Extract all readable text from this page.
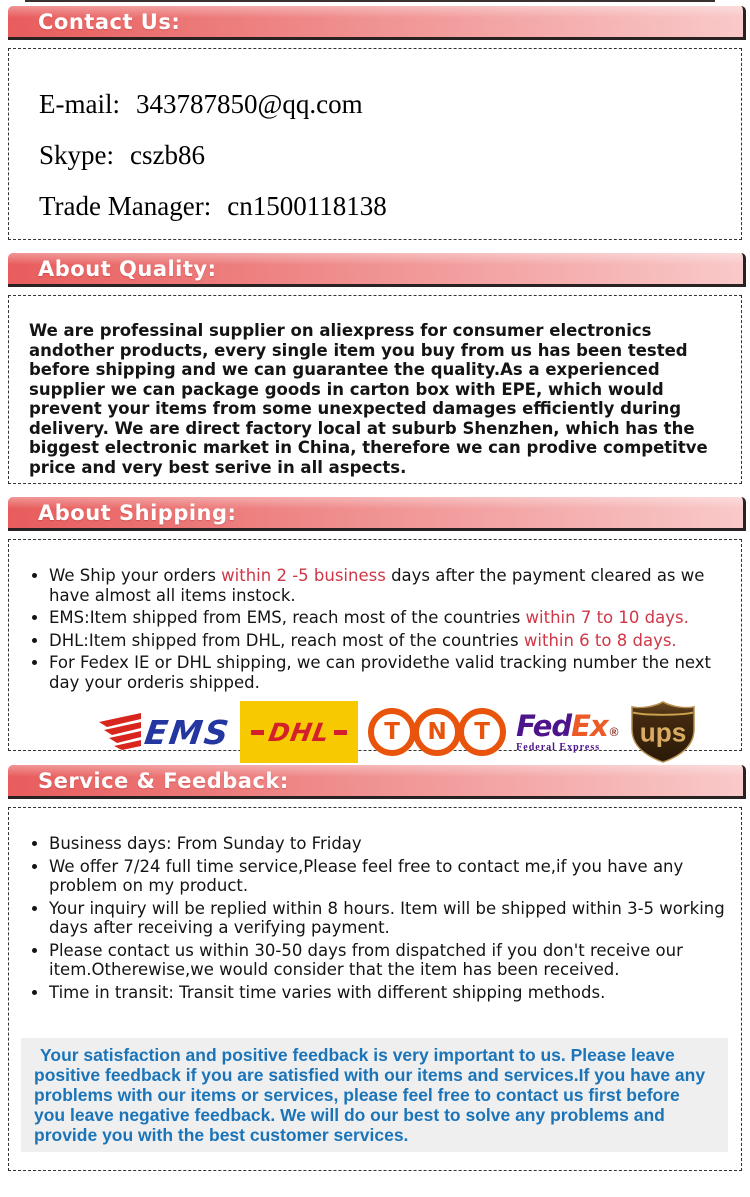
Contact Us:
E-mail: 343787850@qq.com
Skype: cszb86
Trade Manager: cn1500118138
About Quality:

We are professinal supplier on aliexpress for consumer electronics andother products, every single item you buy from us has been tested before shipping and we can guarantee the quality.As a experienced supplier we can package goods in carton box with EPE, which would prevent your items from some unexpected damages efficiently during delivery. We are direct factory local at suburb Shenzhen, which has the biggest electronic market in China, therefore we can prodive competitve price and very best serive in all aspects.

About Shipping:
• We Ship your orders within 2 -5 business days after the payment cleared as we have almost all items instock.
• EMS:Item shipped from EMS, reach most of the countries within 7 to 10 days.
• DHL:Item shipped from DHL, reach most of the countries within 6 to 8 days.
• For Fedex IE or DHL shipping, we can providethe valid tracking number the next day your orderis shipped.
EMS DHL	T	N	T Fed Ex ®
Federal Express ups
Service & Feedback:
• Business days: From Sunday to Friday
• We offer 7/24 full time service,Please feel free to contact me,if you have any problem on my product.
• Your inquiry will be replied within 8 hours. Item will be shipped within 3-5 working days after receiving a verifying payment.
• Please contact us within 30-50 days from dispatched if you don't receive our item.Otherewise,we would consider that the item has been received.
• Time in transit: Transit time varies with different shipping methods.

Your satisfaction and positive feedback is very important to us. Please leave positive feedback if you are satisfied with our items and services.If you have any problems with our items or services, please feel free to contact us first before you leave negative feedback. We will do our best to solve any problems and provide you with the best customer services.
